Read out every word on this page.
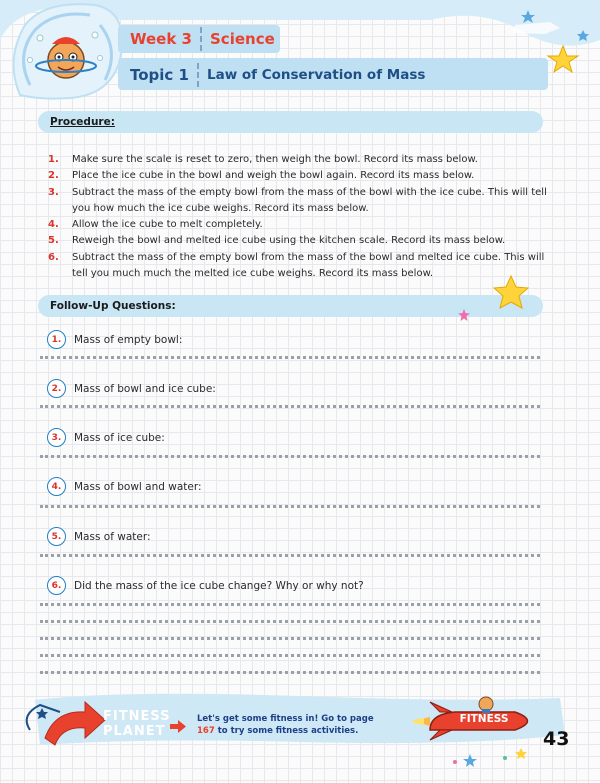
Week 3 Science
Topic 1 Law of Conservation of Mass
Procedure:
1.	Make sure the scale is reset to zero, then weigh the bowl. Record its mass below.
2.	Place the ice cube in the bowl and weigh the bowl again. Record its mass below.
3.	Subtract the mass of the empty bowl from the mass of the bowl with the ice cube. This will tell you how much the ice cube weighs. Record its mass below.
4.	Allow the ice cube to melt completely.
5.	Reweigh the bowl and melted ice cube using the kitchen scale. Record its mass below.
6.	Subtract the mass of the empty bowl from the mass of the bowl and melted ice cube. This will tell you much much the melted ice cube weighs. Record its mass below.
Follow-Up Questions:
1.	Mass of empty bowl:
2.	Mass of bowl and ice cube:
3.	Mass of ice cube:
4.	Mass of bowl and water:
5.	Mass of water:
6.	Did the mass of the ice cube change? Why or why not?
FITNESS
PLANET
Let's get some fitness in! Go to page
167 to try some fitness activities.
FITNESS
43
